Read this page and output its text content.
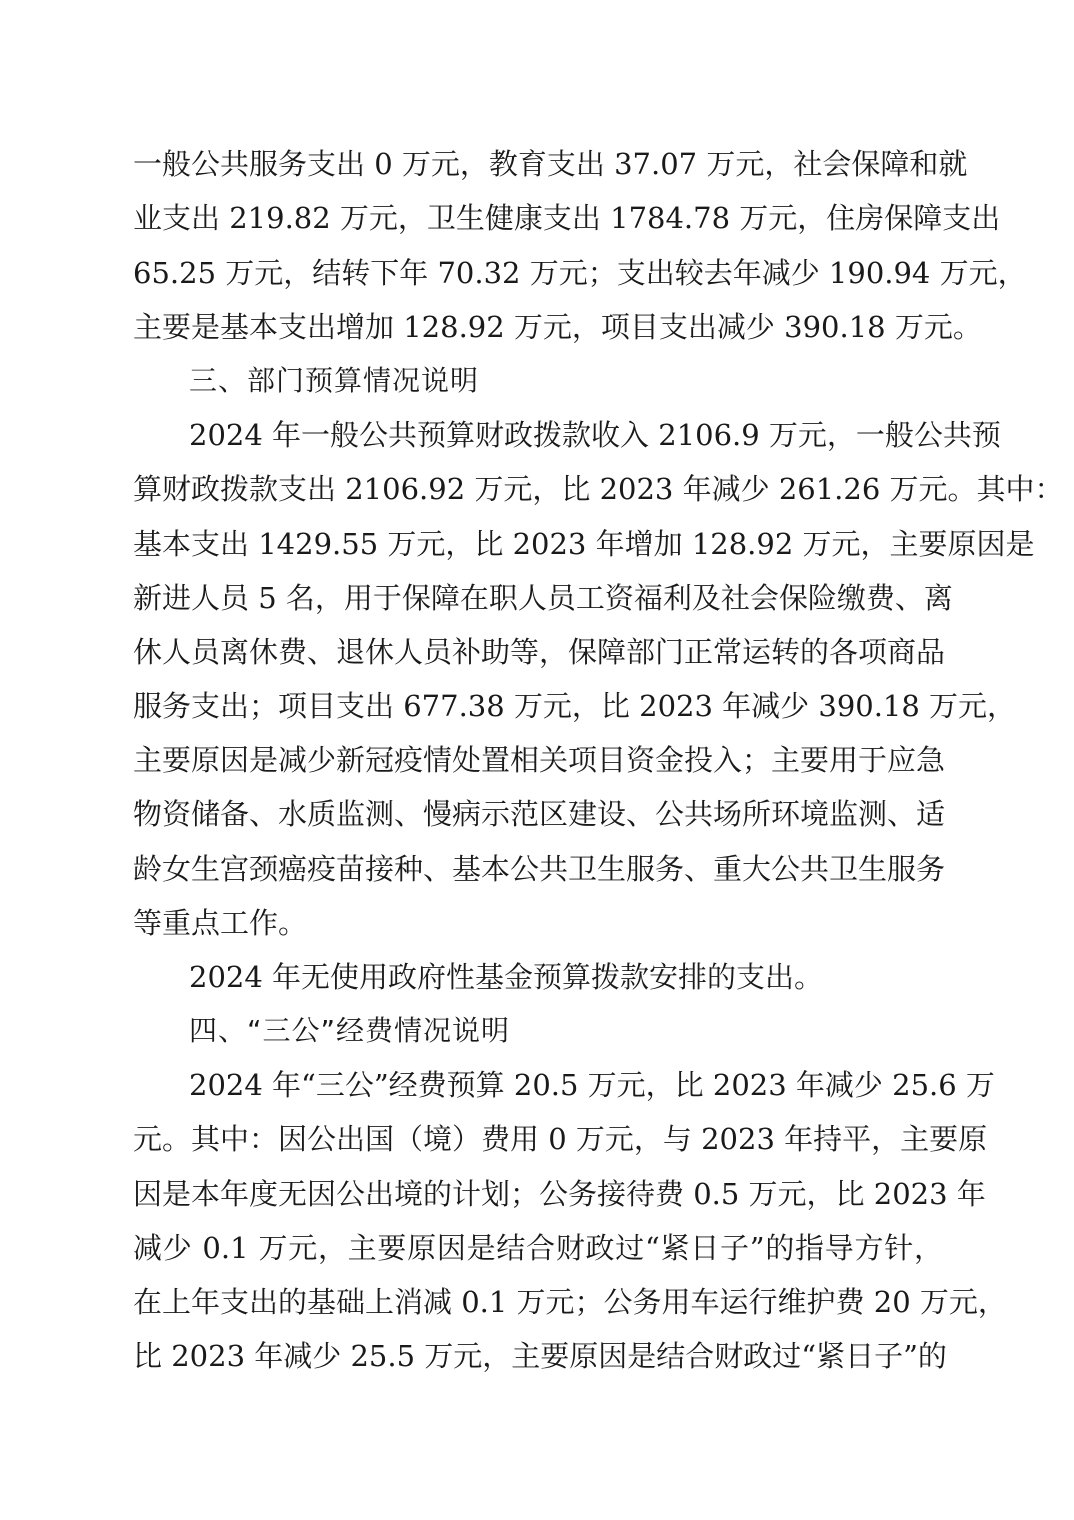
一般公共服务支出 0 万元，教育支出 37.07 万元，社会保障和就
业支出 219.82 万元，卫生健康支出 1784.78 万元，住房保障支出
65.25 万元，结转下年 70.32 万元；支出较去年减少 190.94 万元，
主要是基本支出增加 128.92 万元，项目支出减少 390.18 万元。
三、部门预算情况说明
2024 年一般公共预算财政拨款收入 2106.9 万元，一般公共预
算财政拨款支出 2106.92 万元，比 2023 年减少 261.26 万元。其中：
基本支出 1429.55 万元，比 2023 年增加 128.92 万元，主要原因是
新进人员 5 名，用于保障在职人员工资福利及社会保险缴费、离
休人员离休费、退休人员补助等，保障部门正常运转的各项商品
服务支出；项目支出 677.38 万元，比 2023 年减少 390.18 万元，
主要原因是减少新冠疫情处置相关项目资金投入；主要用于应急
物资储备、水质监测、慢病示范区建设、公共场所环境监测、适
龄女生宫颈癌疫苗接种、基本公共卫生服务、重大公共卫生服务
等重点工作。
2024 年无使用政府性基金预算拨款安排的支出。
四、“三公”经费情况说明
2024 年“三公”经费预算 20.5 万元，比 2023 年减少 25.6 万
元。其中：因公出国（境）费用 0 万元，与 2023 年持平，主要原
因是本年度无因公出境的计划；公务接待费 0.5 万元，比 2023 年
减少 0.1 万元，主要原因是结合财政过“紧日子”的指导方针，
在上年支出的基础上消减 0.1 万元；公务用车运行维护费 20 万元，
比 2023 年减少 25.5 万元，主要原因是结合财政过“紧日子”的
